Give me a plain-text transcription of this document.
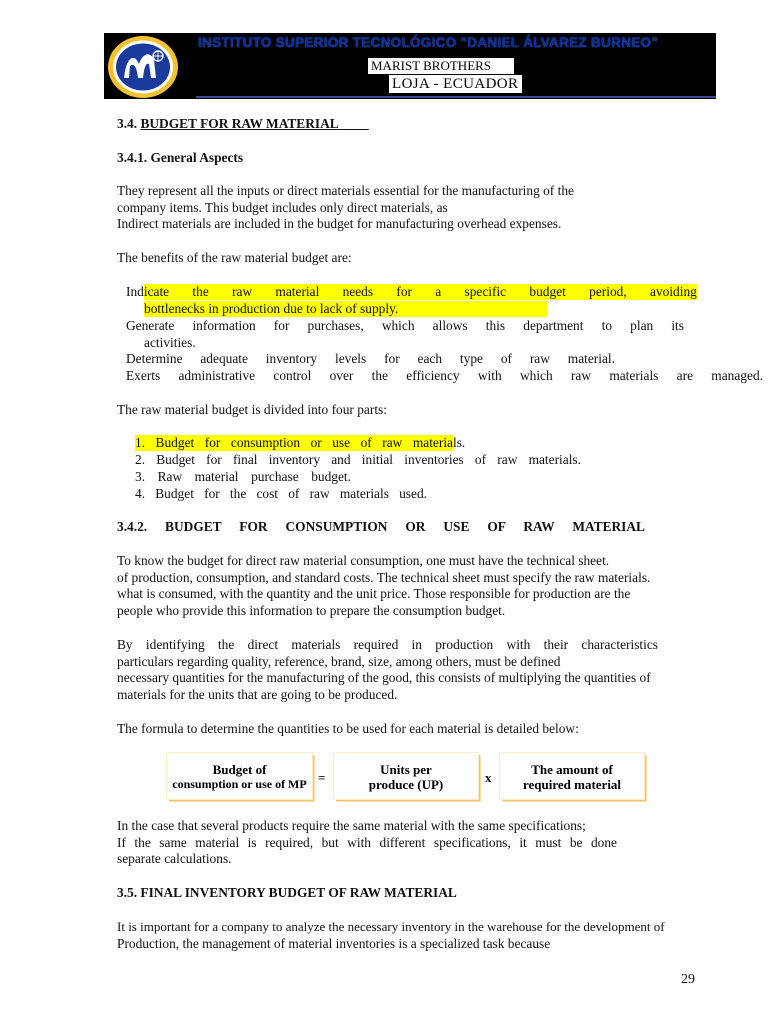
INSTITUTO SUPERIOR TECNOLÓGICO "DANIEL ÁLVAREZ BURNEO"
MARIST BROTHERS
LOJA - ECUADOR
3.4. BUDGET FOR RAW MATERIAL
3.4.1. General Aspects
They represent all the inputs or direct materials essential for the manufacturing of the
company items. This budget includes only direct materials, as
Indirect materials are included in the budget for manufacturing overhead expenses.
The benefits of the raw material budget are:
Indicate the raw material needs for a specific budget period, avoiding
bottlenecks in production due to lack of supply.
Generate information for purchases, which allows this department to plan its
activities.
Determine adequate inventory levels for each type of raw material.
Exerts administrative control over the efficiency with which raw materials are managed.
The raw material budget is divided into four parts:
1. Budget for consumption or use of raw materials.
2. Budget for final inventory and initial inventories of raw materials.
3. Raw material purchase budget.
4. Budget for the cost of raw materials used.
3.4.2.   BUDGET   FOR   CONSUMPTION   OR   USE   OF   RAW   MATERIAL
To know the budget for direct raw material consumption, one must have the technical sheet.
of production, consumption, and standard costs. The technical sheet must specify the raw materials.
what is consumed, with the quantity and the unit price. Those responsible for production are the
people who provide this information to prepare the consumption budget.
By identifying the direct materials required in production with their characteristics
particulars regarding quality, reference, brand, size, among others, must be defined
necessary quantities for the manufacturing of the good, this consists of multiplying the quantities of
materials for the units that are going to be produced.
The formula to determine the quantities to be used for each material is detailed below:
Budget of
consumption or use of MP =
Units per
produce (UP)	x
The amount of
required material
In the case that several products require the same material with the same specifications;
If the same material is required, but with different specifications, it must be done
separate calculations.
3.5. FINAL INVENTORY BUDGET OF RAW MATERIAL
It is important for a company to analyze the necessary inventory in the warehouse for the development of
Production, the management of material inventories is a specialized task because
29
